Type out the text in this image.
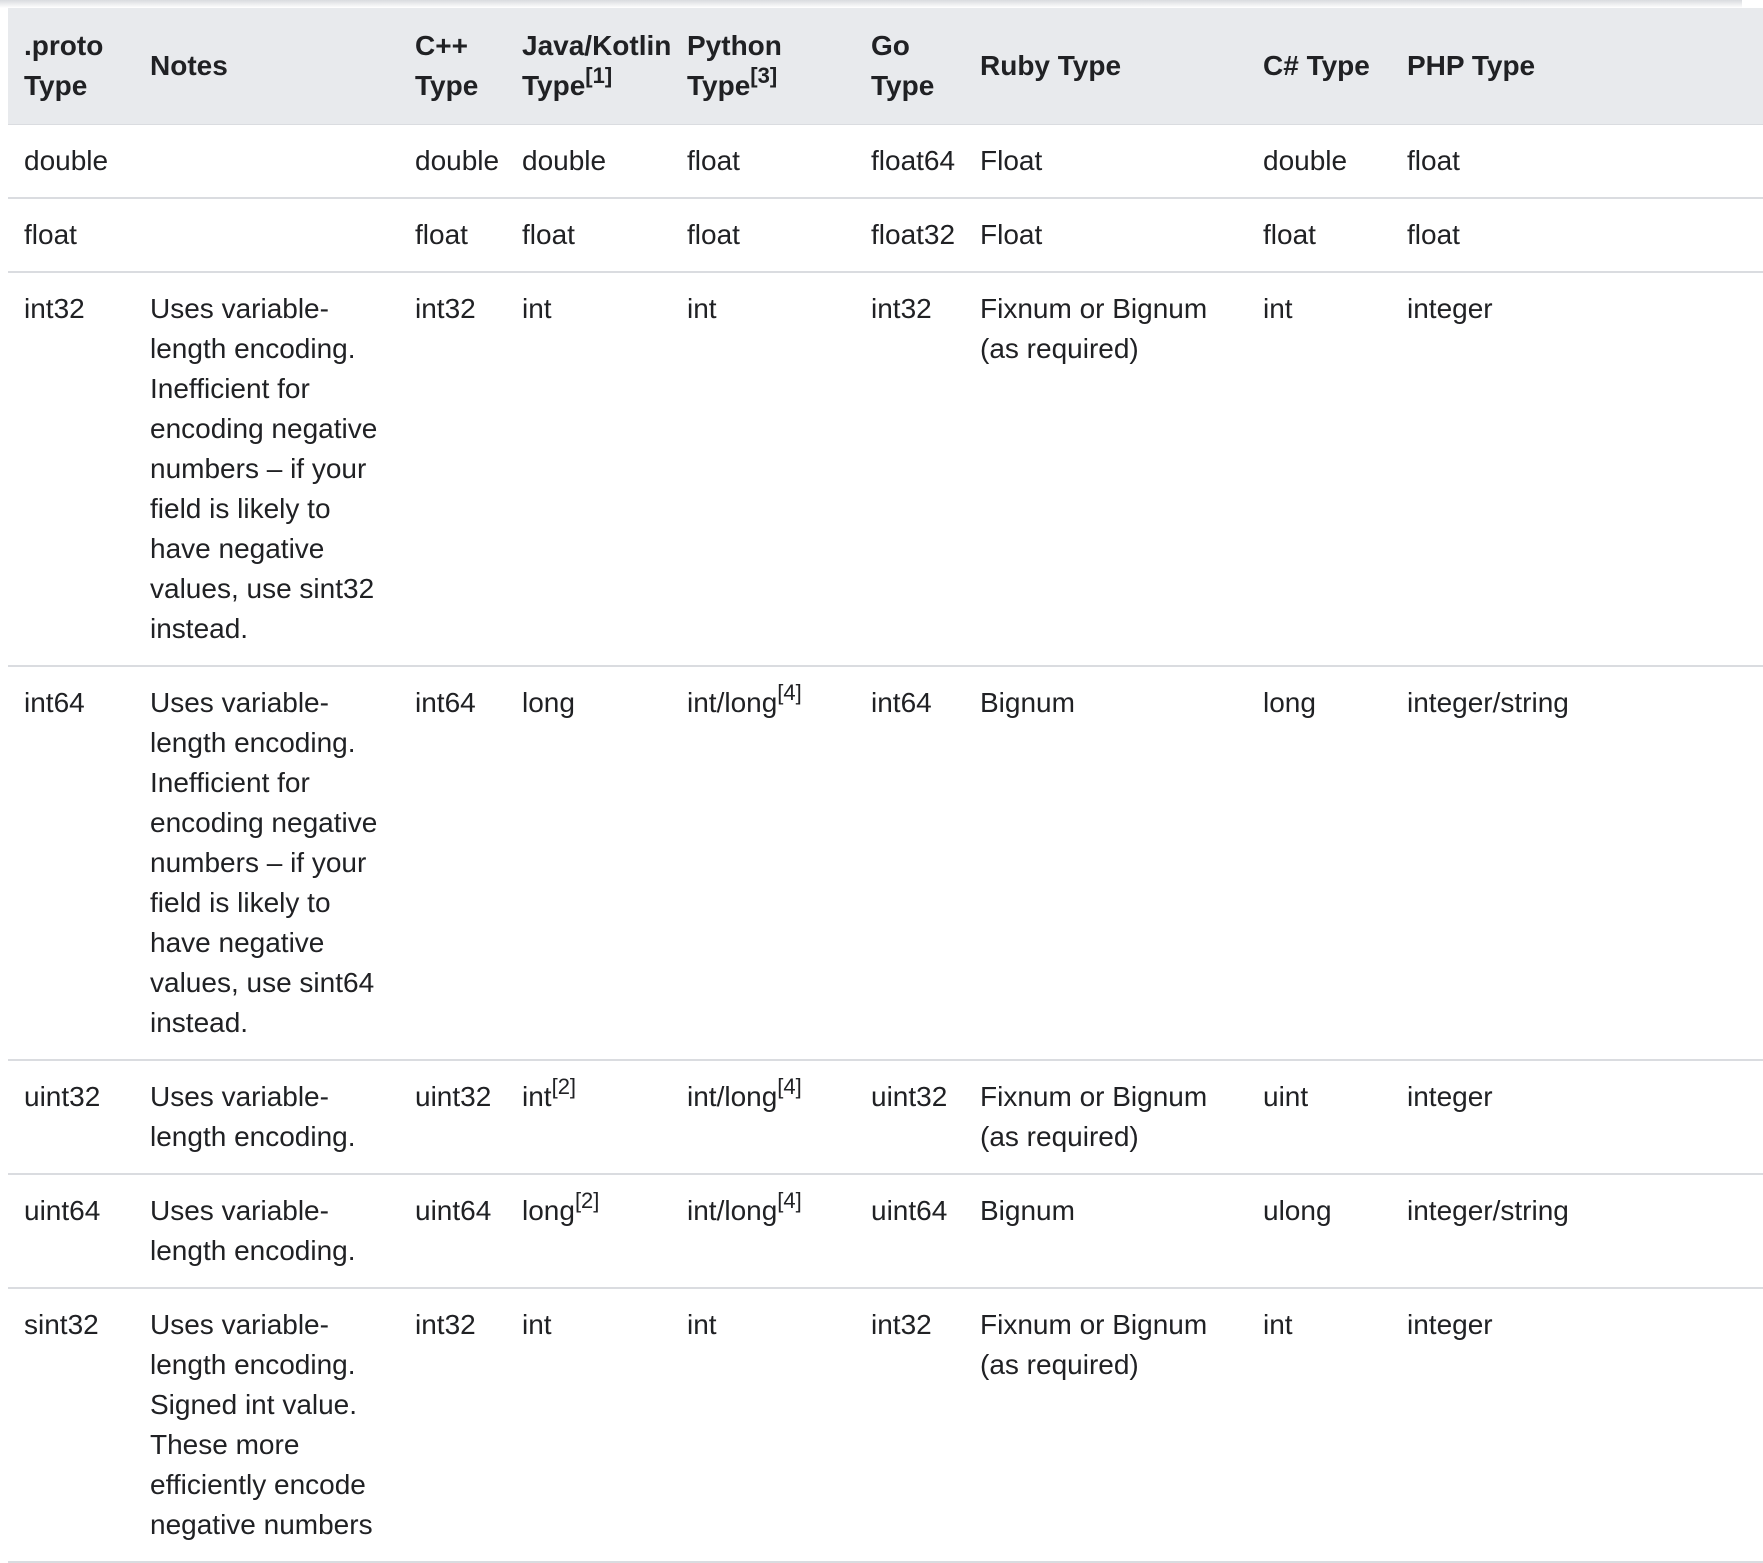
.proto Type	Notes	C++ Type	Java/Kotlin Type[1]	Python Type[3]	Go Type	Ruby Type	C# Type	PHP Type
double		double	double	float	float64	Float	double	float
float		float	float	float	float32	Float	float	float
int32	Uses variable-length encoding. Inefficient for encoding negative numbers – if your field is likely to have negative values, use sint32 instead.	int32	int	int	int32	Fixnum or Bignum (as required)	int	integer
int64	Uses variable-length encoding. Inefficient for encoding negative numbers – if your field is likely to have negative values, use sint64 instead.	int64	long	int/long[4]	int64	Bignum	long	integer/string
uint32	Uses variable-length encoding.	uint32	int[2]	int/long[4]	uint32	Fixnum or Bignum (as required)	uint	integer
uint64	Uses variable-length encoding.	uint64	long[2]	int/long[4]	uint64	Bignum	ulong	integer/string
sint32	Uses variable-length encoding. Signed int value. These more efficiently encode negative numbers	int32	int	int	int32	Fixnum or Bignum (as required)	int	integer
